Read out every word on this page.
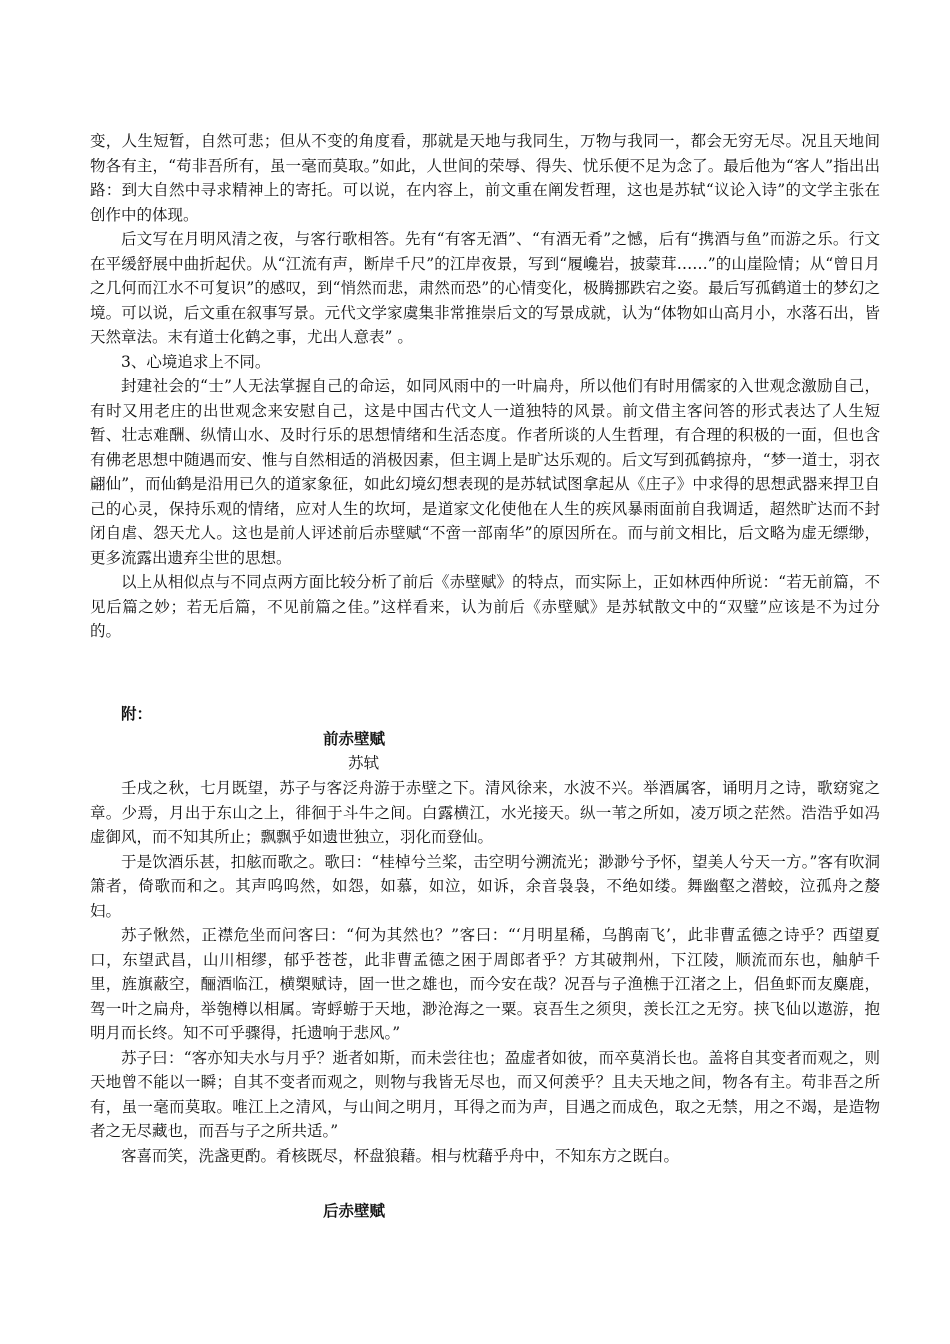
变，人生短暂，自然可悲；但从不变的角度看，那就是天地与我同生，万物与我同一，都会无穷无尽。况且天地间物各有主，“苟非吾所有，虽一毫而莫取。”如此，人世间的荣辱、得失、忧乐便不足为念了。最后他为“客人”指出出路：到大自然中寻求精神上的寄托。可以说，在内容上，前文重在阐发哲理，这也是苏轼“议论入诗”的文学主张在创作中的体现。

后文写在月明风清之夜，与客行歌相答。先有“有客无酒”、“有酒无肴”之憾，后有“携酒与鱼”而游之乐。行文在平缓舒展中曲折起伏。从“江流有声，断岸千尺”的江岸夜景，写到“履巉岩，披蒙茸……”的山崖险情；从“曾日月之几何而江水不可复识”的感叹，到“悄然而悲，肃然而恐”的心情变化，极腾挪跌宕之姿。最后写孤鹤道士的梦幻之境。可以说，后文重在叙事写景。元代文学家虞集非常推崇后文的写景成就，认为“体物如山高月小，水落石出，皆天然章法。末有道士化鹤之事，尤出人意表” 。

3、心境追求上不同。

封建社会的“士”人无法掌握自己的命运，如同风雨中的一叶扁舟，所以他们有时用儒家的入世观念激励自己，有时又用老庄的出世观念来安慰自己，这是中国古代文人一道独特的风景。前文借主客问答的形式表达了人生短暂、壮志难酬、纵情山水、及时行乐的思想情绪和生活态度。作者所谈的人生哲理，有合理的积极的一面，但也含有佛老思想中随遇而安、惟与自然相适的消极因素，但主调上是旷达乐观的。后文写到孤鹤掠舟，“梦一道士，羽衣翩仙”，而仙鹤是沿用已久的道家象征，如此幻境幻想表现的是苏轼试图拿起从《庄子》中求得的思想武器来捍卫自己的心灵，保持乐观的情绪，应对人生的坎坷，是道家文化使他在人生的疾风暴雨面前自我调适，超然旷达而不封闭自虐、怨天尤人。这也是前人评述前后赤壁赋“不啻一部南华”的原因所在。而与前文相比，后文略为虚无缥缈，更多流露出遗弃尘世的思想。

以上从相似点与不同点两方面比较分析了前后《赤壁赋》的特点，而实际上，正如林西仲所说：“若无前篇，不见后篇之妙；若无后篇，不见前篇之佳。”这样看来，认为前后《赤壁赋》是苏轼散文中的“双璧”应该是不为过分的。

附：
前赤壁赋
苏轼

壬戌之秋，七月既望，苏子与客泛舟游于赤壁之下。清风徐来，水波不兴。举酒属客，诵明月之诗，歌窈窕之章。少焉，月出于东山之上，徘徊于斗牛之间。白露横江，水光接天。纵一苇之所如，凌万顷之茫然。浩浩乎如冯虚御风，而不知其所止；飘飘乎如遗世独立，羽化而登仙。

于是饮酒乐甚，扣舷而歌之。歌曰：“桂棹兮兰桨，击空明兮溯流光；渺渺兮予怀，望美人兮天一方。”客有吹洞箫者，倚歌而和之。其声呜呜然，如怨，如慕，如泣，如诉，余音袅袅，不绝如缕。舞幽壑之潜蛟，泣孤舟之嫠妇。

苏子愀然，正襟危坐而问客曰：“何为其然也？”客曰：“‘月明星稀，乌鹊南飞’，此非曹孟德之诗乎？西望夏口，东望武昌，山川相缪，郁乎苍苍，此非曹孟德之困于周郎者乎？方其破荆州，下江陵，顺流而东也，舳舻千里，旌旗蔽空，酾酒临江，横槊赋诗，固一世之雄也，而今安在哉？况吾与子渔樵于江渚之上，侣鱼虾而友麋鹿，驾一叶之扁舟，举匏樽以相属。寄蜉蝣于天地，渺沧海之一粟。哀吾生之须臾，羡长江之无穷。挟飞仙以遨游，抱明月而长终。知不可乎骤得，托遗响于悲风。”

苏子曰：“客亦知夫水与月乎？逝者如斯，而未尝往也；盈虚者如彼，而卒莫消长也。盖将自其变者而观之，则天地曾不能以一瞬；自其不变者而观之，则物与我皆无尽也，而又何羡乎？且夫天地之间，物各有主。苟非吾之所有，虽一毫而莫取。唯江上之清风，与山间之明月，耳得之而为声，目遇之而成色，取之无禁，用之不竭，是造物者之无尽藏也，而吾与子之所共适。”

客喜而笑，洗盏更酌。肴核既尽，杯盘狼藉。相与枕藉乎舟中，不知东方之既白。

后赤壁赋
